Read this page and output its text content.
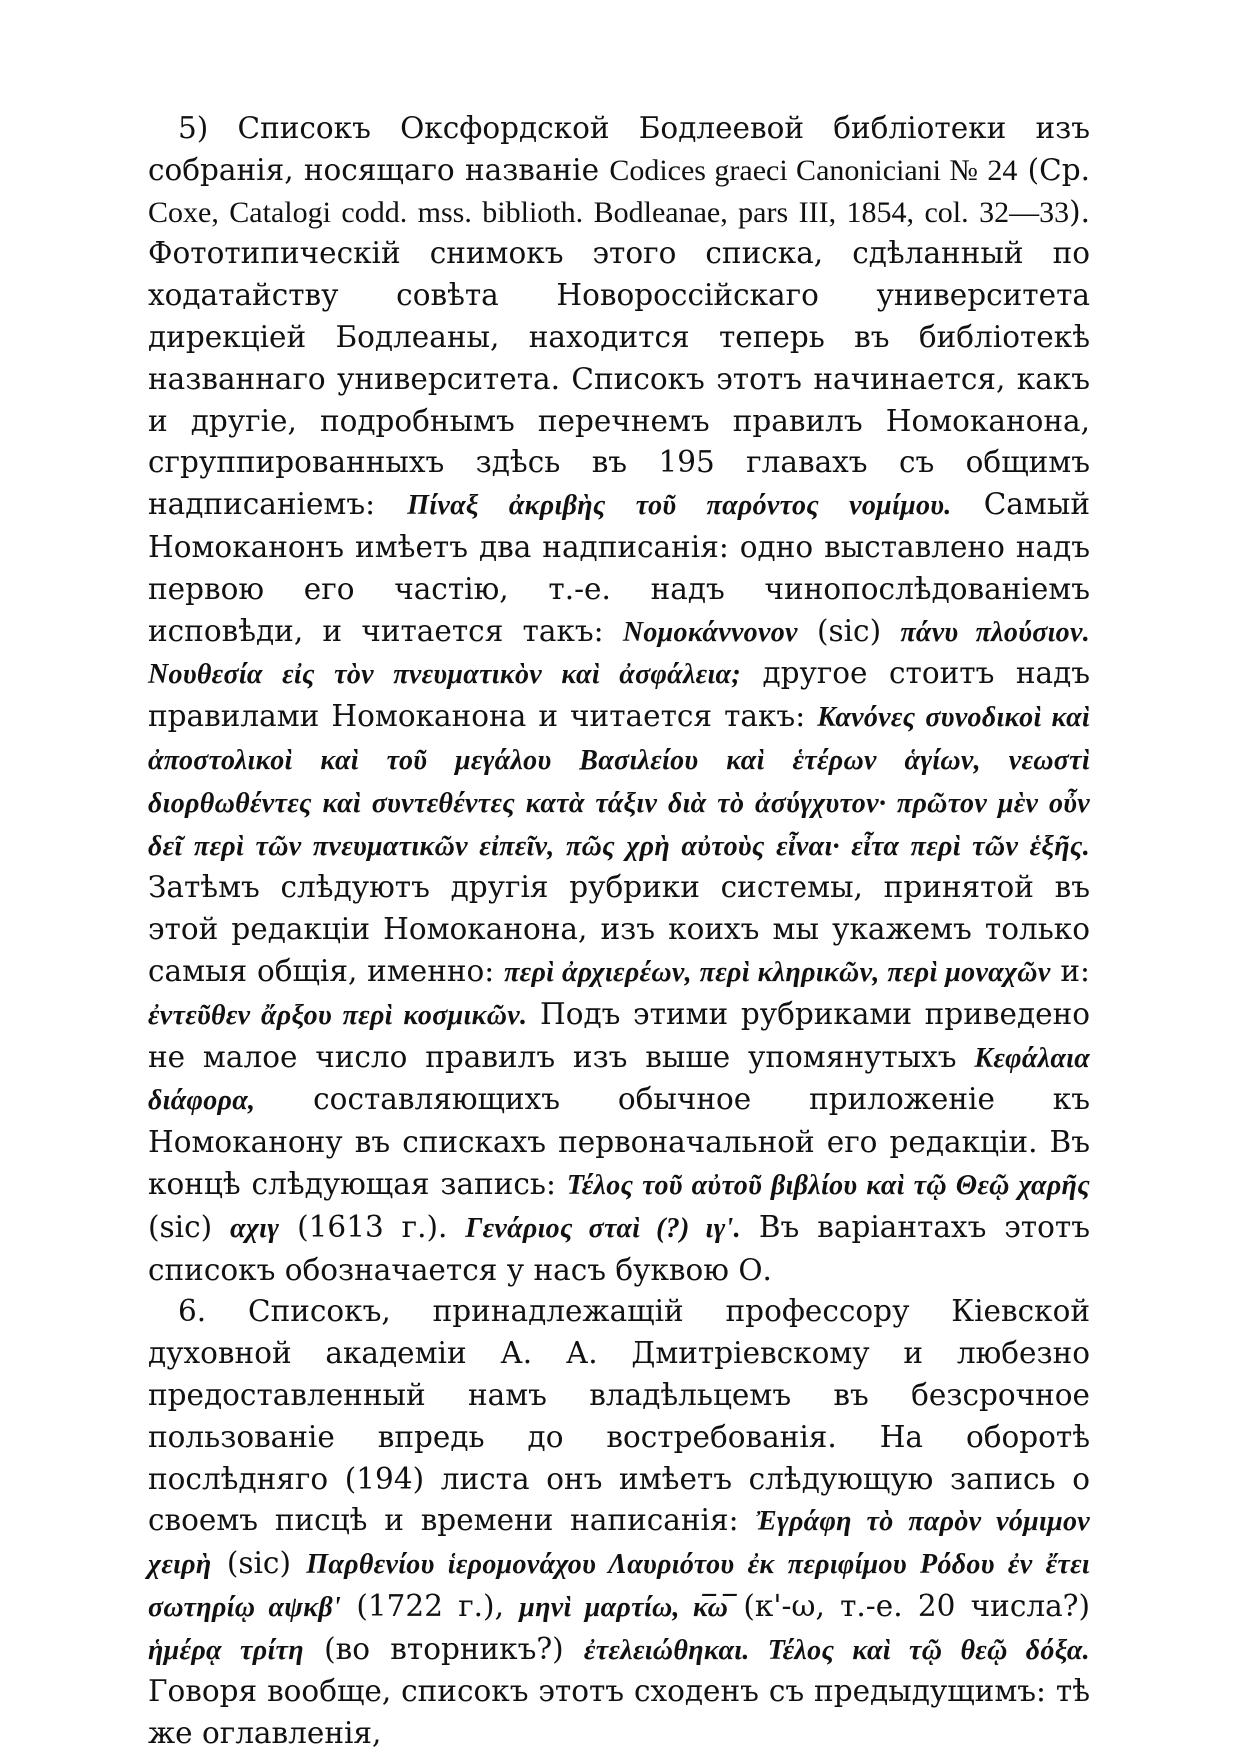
5) Списокъ Оксфордской Бодлеевой библіотеки изъ собранія, носящаго названіе Codices graeci Canoniciani № 24 (Ср. Coxe, Catalogi codd. mss. biblioth. Bodleanae, pars III, 1854, col. 32—33). Фототипическій снимокъ этого списка, сдѣланный по ходатайству совѣта Новороссійскаго университета дирекціей Бодлеаны, находится теперь въ библіотекѣ названнаго университета. Списокъ этотъ начинается, какъ и другіе, подробнымъ перечнемъ правилъ Номоканона, сгруппированныхъ здѣсь въ 195 главахъ съ общимъ надписаніемъ: Πίναξ ἀκριβὴς τοῦ παρόντος νομίμου. Самый Номоканонъ имѣетъ два надписанія: одно выставлено надъ первою его частію, т.-е. надъ чинопослѣдованіемъ исповѣди, и читается такъ: Νομοκάννονον (sic) πάνυ πλούσιον. Νουθεσία εἰς τὸν πνευματικὸν καὶ ἀσφάλεια; другое стоитъ надъ правилами Номоканона и читается такъ: Κανόνες συνοδικοὶ καὶ ἀποστολικοὶ καὶ τοῦ μεγάλου Βασιλείου καὶ ἑτέρων ἁγίων, νεωστὶ διορθωθέντες καὶ συντεθέντες κατὰ τάξιν διὰ τὸ ἀσύγχυτον· πρῶτον μὲν οὖν δεῖ περὶ τῶν πνευματικῶν εἰπεῖν, πῶς χρὴ αὐτοὺς εἶναι· εἶτα περὶ τῶν ἑξῆς. Затѣмъ слѣдуютъ другія рубрики системы, принятой въ этой редакціи Номоканона, изъ коихъ мы укажемъ только самыя общія, именно: περὶ ἀρχιερέων, περὶ κληρικῶν, περὶ μοναχῶν и: ἐντεῦθεν ἄρξου περὶ κοσμικῶν. Подъ этими рубриками приведено не малое число правилъ изъ выше упомянутыхъ Κεφάλαια διάφορα, составляющихъ обычное приложеніе къ Номоканону въ спискахъ первоначальной его редакціи. Въ концѣ слѣдующая запись: Τέλος τοῦ αὐτοῦ βιβλίου καὶ τῷ Θεῷ χαρῆς (sic) αχιγ (1613 г.). Γενάριος σταὶ (?) ιγ'. Въ варіантахъ этотъ списокъ обозначается у насъ буквою О.

6. Списокъ, принадлежащій профессору Кіевской духовной академіи А. А. Дмитріевскому и любезно предоставленный намъ владѣльцемъ въ безсрочное пользованіе впредь до востребованія. На оборотѣ послѣдняго (194) листа онъ имѣетъ слѣдующую запись о своемъ писцѣ и времени написанія: Ἐγράφη τὸ παρὸν νόμιμον χειρὴ (sic) Παρθενίου ἱερομονάχου Λαυριότου ἐκ περιφίμου Ρόδου ἐν ἔτει σωτηρίῳ αψκβ' (1722 г.), μηνὶ μαρτίω, κ̅ω̅ (κ'-ω, т.-е. 20 числа?) ἡμέρᾳ τρίτη (во вторникъ?) ἐτελειώθηκαι. Τέλος καὶ τῷ θεῷ δόξα. Говоря вообще, списокъ этотъ сходенъ съ предыдущимъ: тѣ же оглавленія,
